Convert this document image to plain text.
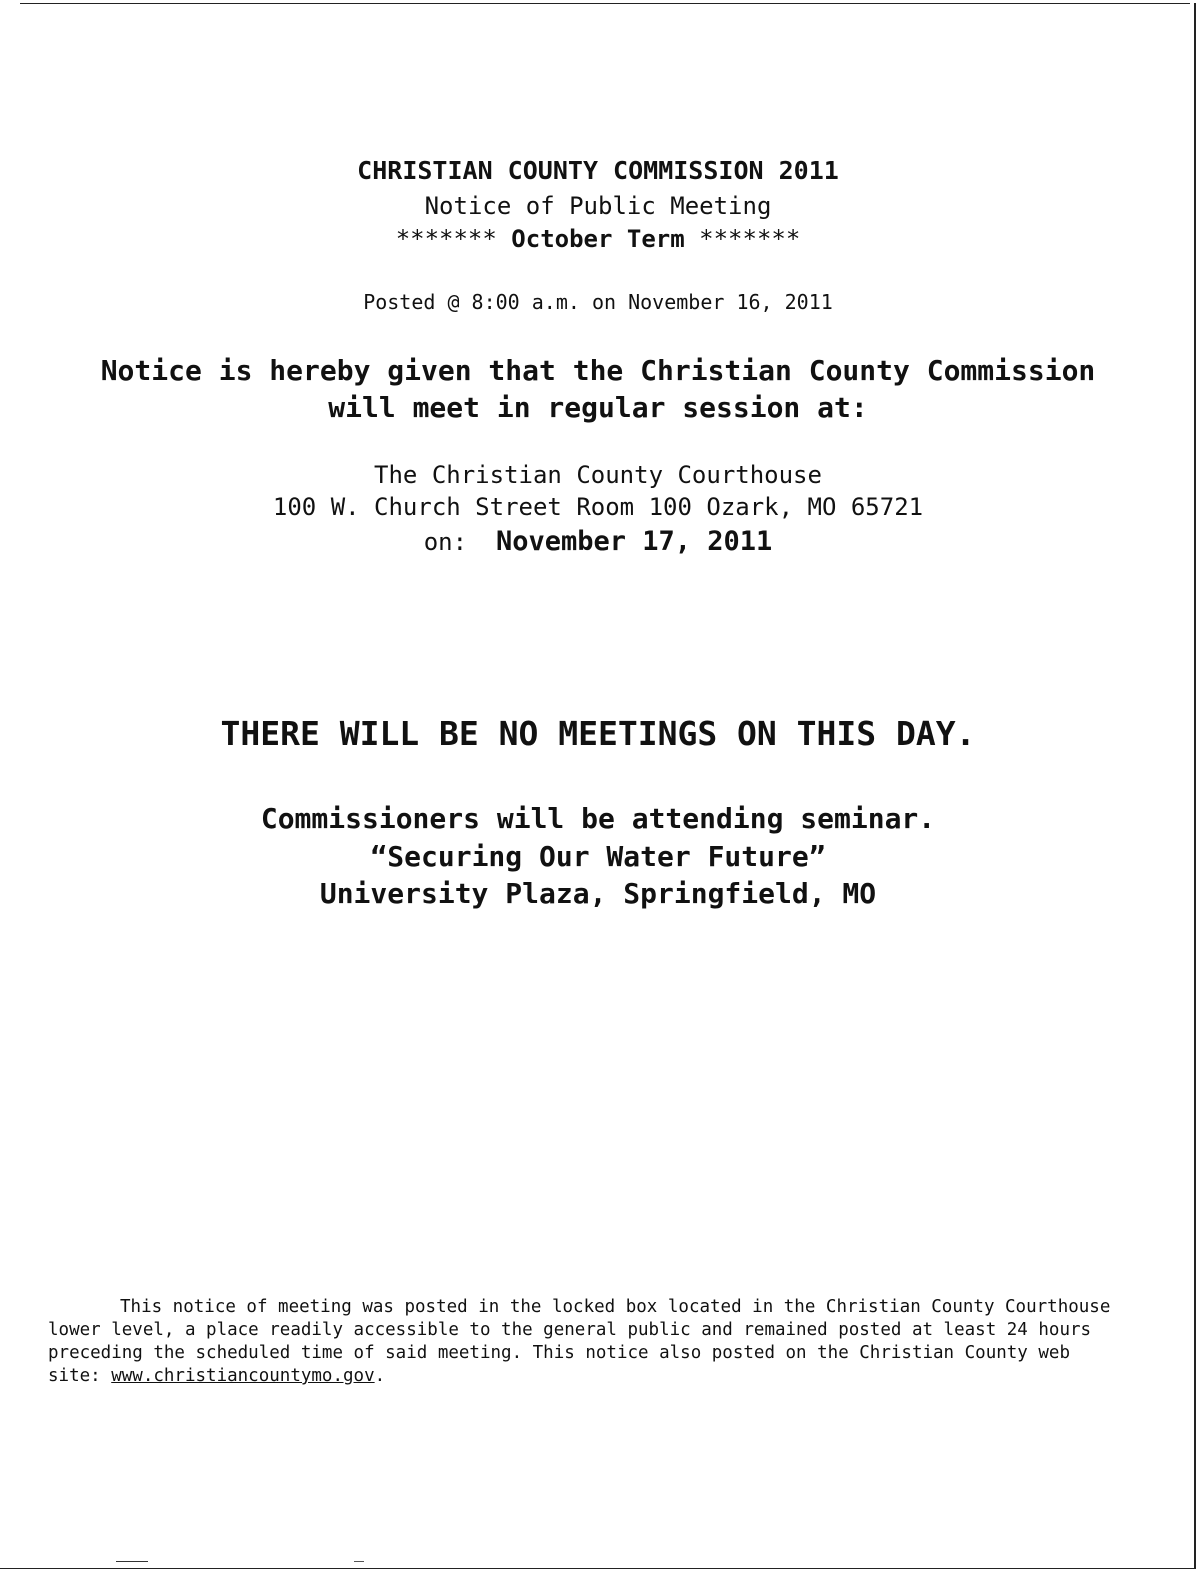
CHRISTIAN COUNTY COMMISSION 2011
Notice of Public Meeting
******* October Term *******
Posted @ 8:00 a.m. on November 16, 2011
Notice is hereby given that the Christian County Commission
will meet in regular session at:
The Christian County Courthouse
100 W. Church Street Room 100 Ozark, MO 65721
on: November 17, 2011
THERE WILL BE NO MEETINGS ON THIS DAY.
Commissioners will be attending seminar.
“Securing Our Water Future”
University Plaza, Springfield, MO
This notice of meeting was posted in the locked box located in the Christian County Courthouse
lower level, a place readily accessible to the general public and remained posted at least 24 hours
preceding the scheduled time of said meeting. This notice also posted on the Christian County web
site: www.christiancountymo.gov.
